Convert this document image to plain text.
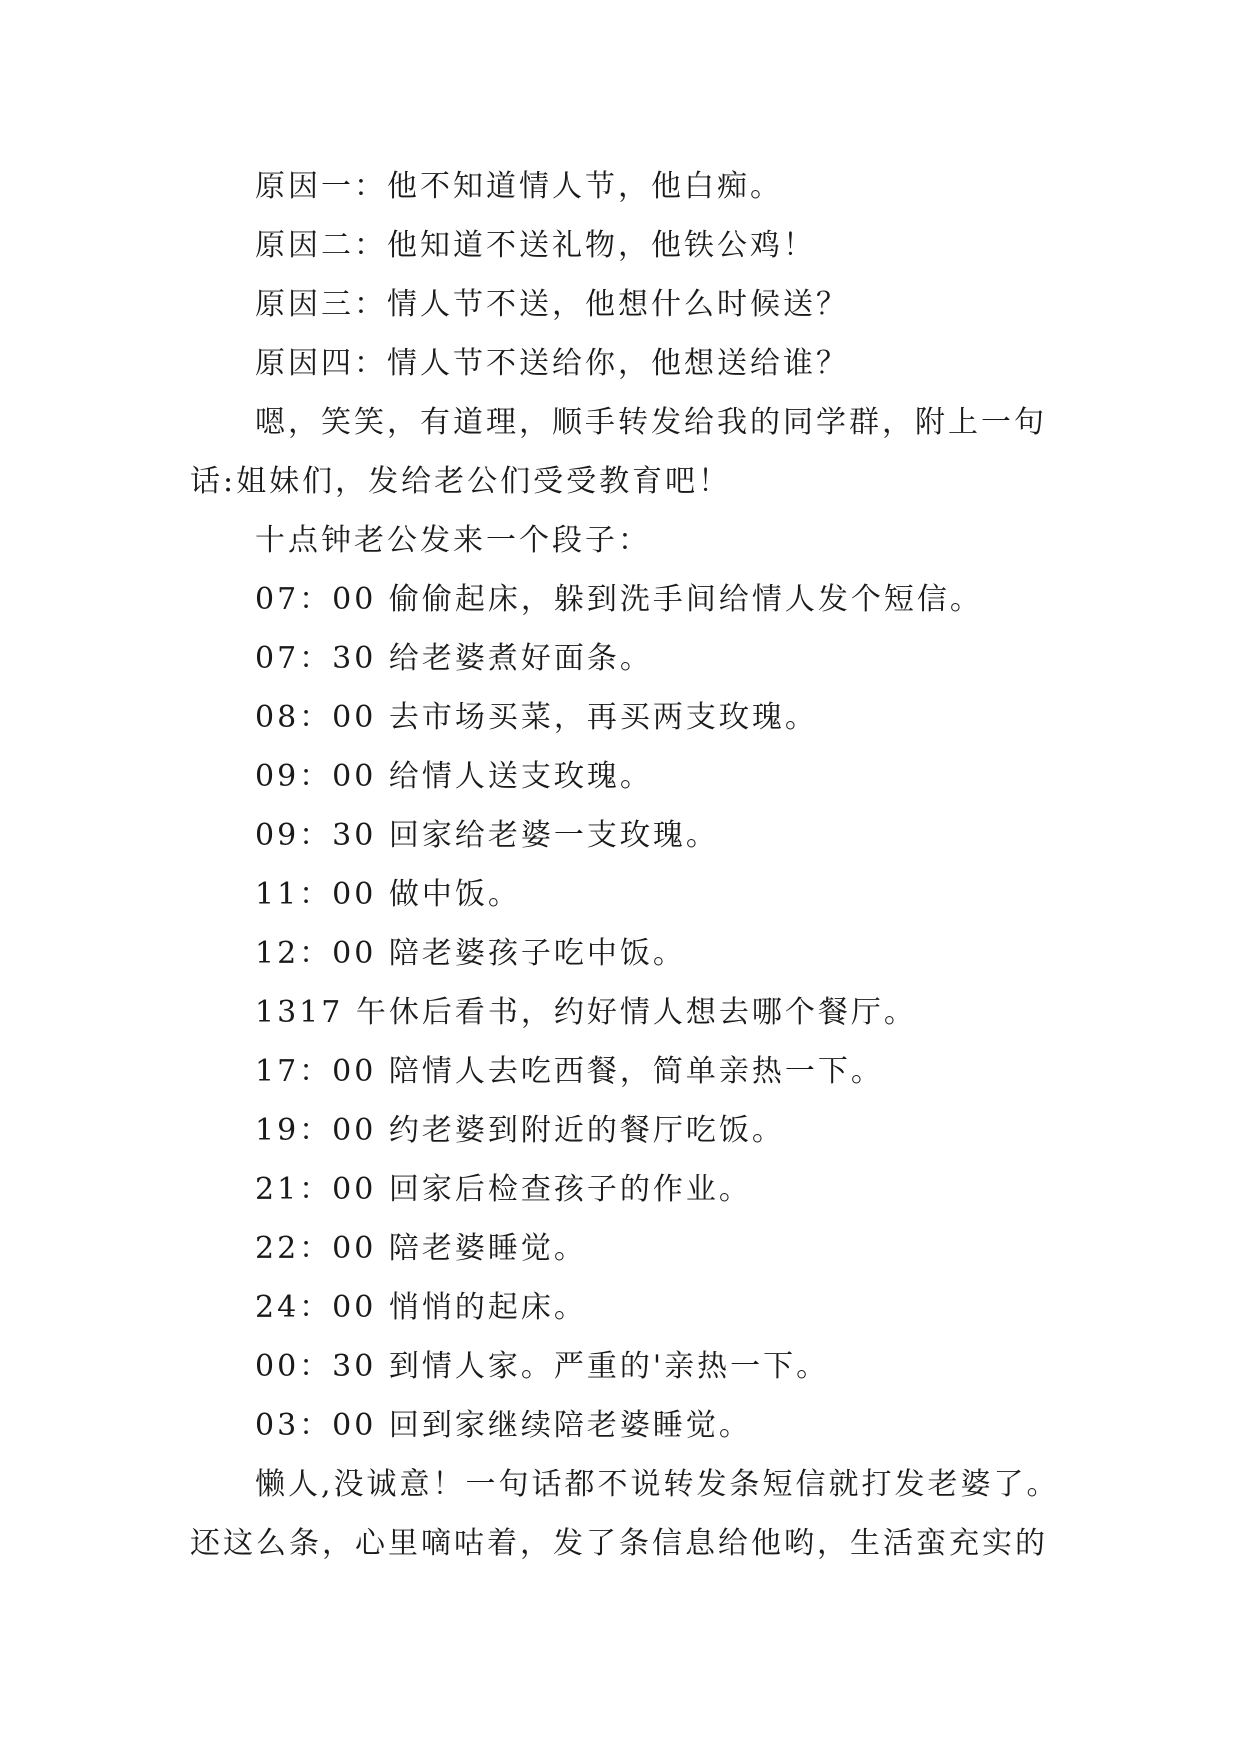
原因一：他不知道情人节，他白痴。
原因二：他知道不送礼物，他铁公鸡！
原因三：情人节不送，他想什么时候送？
原因四：情人节不送给你，他想送给谁？
嗯，笑笑，有道理，顺手转发给我的同学群，附上一句
话:姐妹们，发给老公们受受教育吧！
十点钟老公发来一个段子：
07：00 偷偷起床，躲到洗手间给情人发个短信。
07：30 给老婆煮好面条。
08：00 去市场买菜，再买两支玫瑰。
09：00 给情人送支玫瑰。
09：30 回家给老婆一支玫瑰。
11：00 做中饭。
12：00 陪老婆孩子吃中饭。
1317 午休后看书，约好情人想去哪个餐厅。
17：00 陪情人去吃西餐，简单亲热一下。
19：00 约老婆到附近的餐厅吃饭。
21：00 回家后检查孩子的作业。
22：00 陪老婆睡觉。
24：00 悄悄的起床。
00：30 到情人家。严重的'亲热一下。
03：00 回到家继续陪老婆睡觉。
懒人,没诚意！一句话都不说转发条短信就打发老婆了。
还这么条，心里嘀咕着，发了条信息给他哟，生活蛮充实的
